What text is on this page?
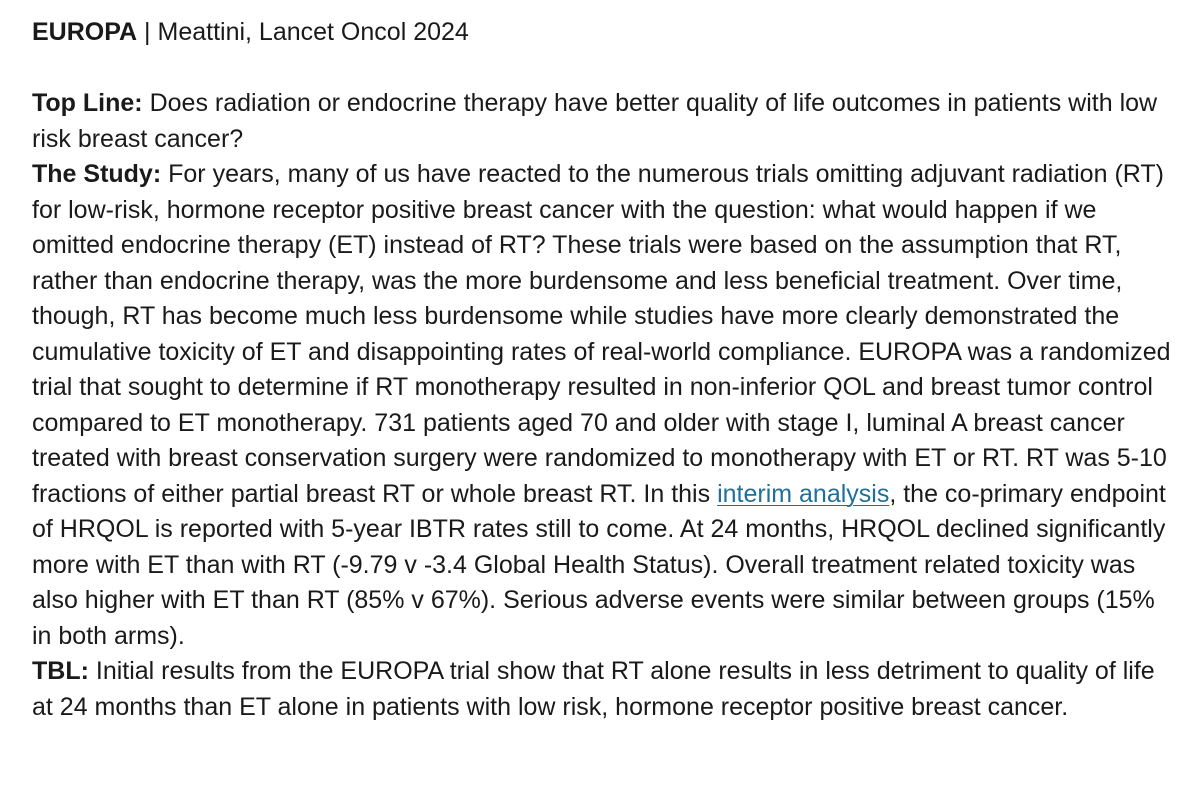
EUROPA | Meattini, Lancet Oncol 2024

Top Line: Does radiation or endocrine therapy have better quality of life outcomes in patients with low risk breast cancer?

The Study: For years, many of us have reacted to the numerous trials omitting adjuvant radiation (RT) for low-risk, hormone receptor positive breast cancer with the question: what would happen if we omitted endocrine therapy (ET) instead of RT? These trials were based on the assumption that RT, rather than endocrine therapy, was the more burdensome and less beneficial treatment. Over time, though, RT has become much less burdensome while studies have more clearly demonstrated the cumulative toxicity of ET and disappointing rates of real-world compliance. EUROPA was a randomized trial that sought to determine if RT monotherapy resulted in non-inferior QOL and breast tumor control compared to ET monotherapy. 731 patients aged 70 and older with stage I, luminal A breast cancer treated with breast conservation surgery were randomized to monotherapy with ET or RT. RT was 5-10 fractions of either partial breast RT or whole breast RT. In this interim analysis, the co-primary endpoint of HRQOL is reported with 5-year IBTR rates still to come. At 24 months, HRQOL declined significantly more with ET than with RT (-9.79 v -3.4 Global Health Status). Overall treatment related toxicity was also higher with ET than RT (85% v 67%). Serious adverse events were similar between groups (15% in both arms).

TBL: Initial results from the EUROPA trial show that RT alone results in less detriment to quality of life at 24 months than ET alone in patients with low risk, hormone receptor positive breast cancer.
